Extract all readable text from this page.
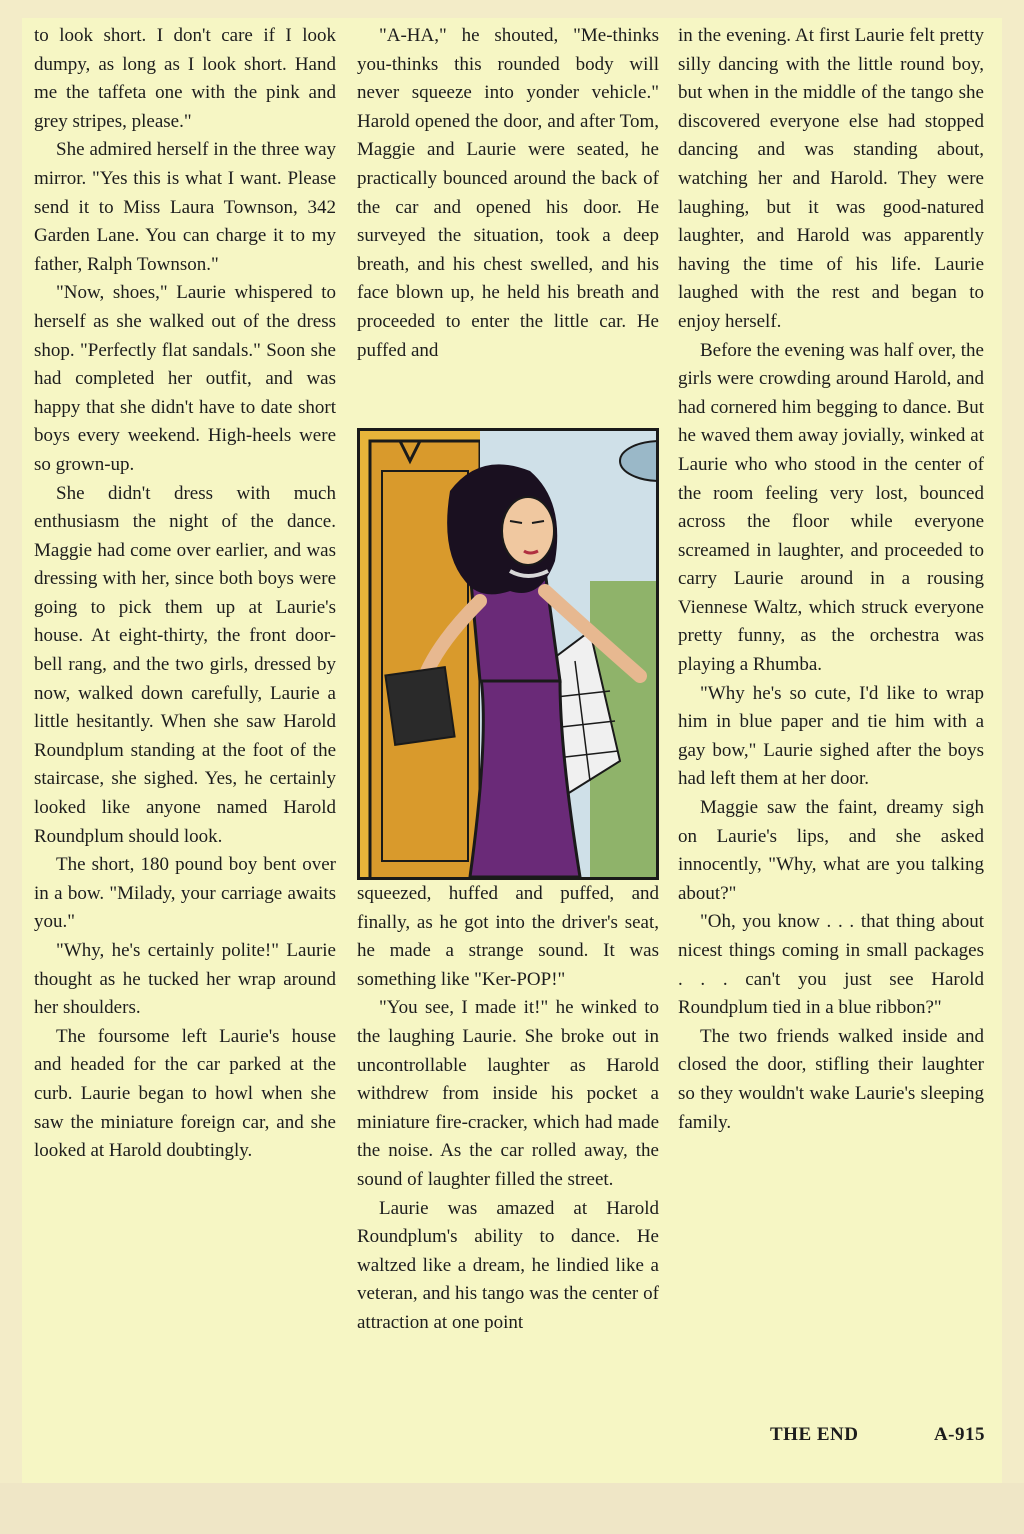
to look short. I don't care if I look dumpy, as long as I look short. Hand me the taffeta one with the pink and grey stripes, please."

She admired herself in the three way mirror. "Yes this is what I want. Please send it to Miss Laura Townson, 342 Garden Lane. You can charge it to my father, Ralph Townson."

"Now, shoes," Laurie whispered to herself as she walked out of the dress shop. "Perfectly flat sandals." Soon she had completed her outfit, and was happy that she didn't have to date short boys every weekend. High-heels were so grown-up.

She didn't dress with much enthusiasm the night of the dance. Maggie had come over earlier, and was dressing with her, since both boys were going to pick them up at Laurie's house. At eight-thirty, the front door-bell rang, and the two girls, dressed by now, walked down carefully, Laurie a little hesitantly. When she saw Harold Roundplum standing at the foot of the staircase, she sighed. Yes, he certainly looked like anyone named Harold Roundplum should look.

The short, 180 pound boy bent over in a bow. "Milady, your carriage awaits you."

"Why, he's certainly polite!" Laurie thought as he tucked her wrap around her shoulders.

The foursome left Laurie's house and headed for the car parked at the curb. Laurie began to howl when she saw the miniature foreign car, and she looked at Harold doubtingly.

"A-HA," he shouted, "Me-thinks you-thinks this rounded body will never squeeze into yonder vehicle." Harold opened the door, and after Tom, Maggie and Laurie were seated, he practically bounced around the back of the car and opened his door. He surveyed the situation, took a deep breath, and his chest swelled, and his face blown up, he held his breath and proceeded to enter the little car. He puffed and

squeezed, huffed and puffed, and finally, as he got into the driver's seat, he made a strange sound. It was something like "Ker-POP!"

"You see, I made it!" he winked to the laughing Laurie. She broke out in uncontrollable laughter as Harold withdrew from inside his pocket a miniature fire-cracker, which had made the noise. As the car rolled away, the sound of laughter filled the street.

Laurie was amazed at Harold Roundplum's ability to dance. He waltzed like a dream, he lindied like a veteran, and his tango was the center of attraction at one point

in the evening. At first Laurie felt pretty silly dancing with the little round boy, but when in the middle of the tango she discovered everyone else had stopped dancing and was standing about, watching her and Harold. They were laughing, but it was good-natured laughter, and Harold was apparently having the time of his life. Laurie laughed with the rest and began to enjoy herself.

Before the evening was half over, the girls were crowding around Harold, and had cornered him begging to dance. But he waved them away jovially, winked at Laurie who who stood in the center of the room feeling very lost, bounced across the floor while everyone screamed in laughter, and proceeded to carry Laurie around in a rousing Viennese Waltz, which struck everyone pretty funny, as the orchestra was playing a Rhumba.

"Why he's so cute, I'd like to wrap him in blue paper and tie him with a gay bow," Laurie sighed after the boys had left them at her door.

Maggie saw the faint, dreamy sigh on Laurie's lips, and she asked innocently, "Why, what are you talking about?"

"Oh, you know . . . that thing about nicest things coming in small packages . . . can't you just see Harold Roundplum tied in a blue ribbon?"

The two friends walked inside and closed the door, stifling their laughter so they wouldn't wake Laurie's sleeping family.

THE END	A-915
